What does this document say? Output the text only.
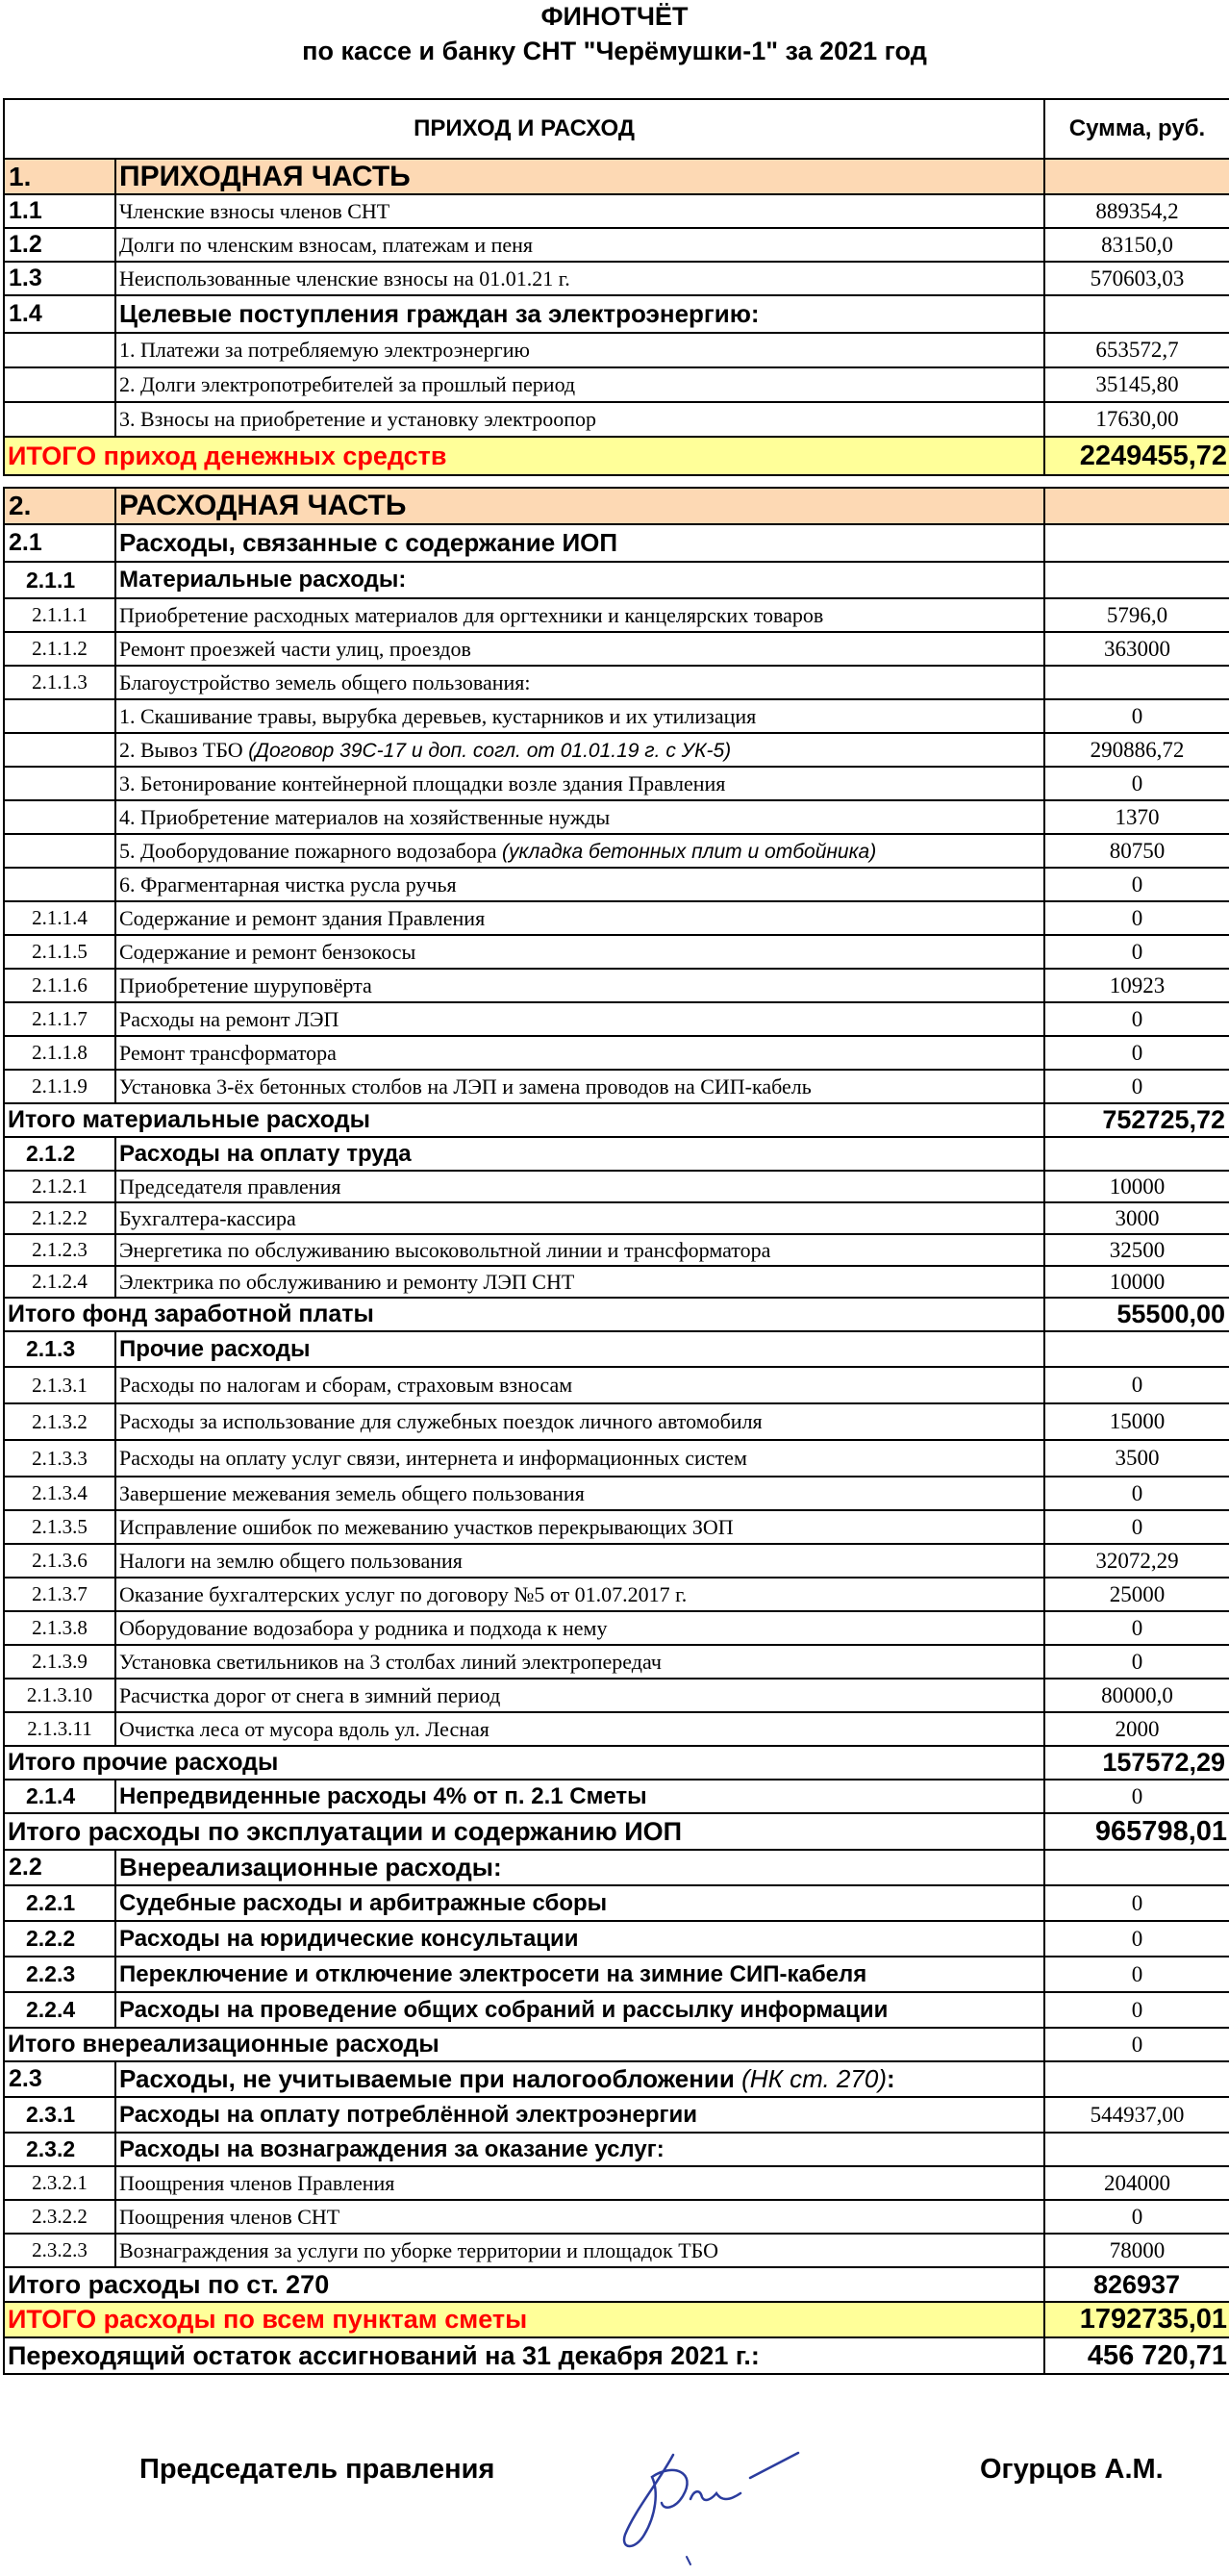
ФИНОТЧЁТ
по кассе и банку СНТ "Черёмушки-1" за 2021 год
ПРИХОД И РАСХОД		Сумма, руб.
1.	ПРИХОДНАЯ ЧАСТЬ	
1.1	Членские взносы членов СНТ	889354,2
1.2	Долги по членским взносам, платежам и пеня	83150,0
1.3	Неиспользованные членские взносы на 01.01.21 г.	570603,03
1.4	Целевые поступления граждан за электроэнергию:	
	1. Платежи за потребляемую электроэнергию	653572,7
	2. Долги электропотребителей за прошлый период	35145,80
	3. Взносы на приобретение и установку электроопор	17630,00
ИТОГО приход денежных средств		2249455,72

2.	РАСХОДНАЯ ЧАСТЬ	
2.1	Расходы, связанные с содержание ИОП	
2.1.1	Материальные расходы:	
2.1.1.1	Приобретение расходных материалов для оргтехники и канцелярских товаров	5796,0
2.1.1.2	Ремонт проезжей части улиц, проездов	363000
2.1.1.3	Благоустройство земель общего пользования:	
	1. Скашивание травы, вырубка деревьев, кустарников и их утилизация	0
	2. Вывоз ТБО (Договор 39С-17 и доп. согл. от 01.01.19 г. с УК-5)	290886,72
	3. Бетонирование контейнерной площадки возле здания Правления	0
	4. Приобретение материалов на хозяйственные нужды	1370
	5. Дооборудование пожарного водозабора (укладка бетонных плит и отбойника)	80750
	6. Фрагментарная чистка русла ручья	0
2.1.1.4	Содержание и ремонт здания Правления	0
2.1.1.5	Содержание и ремонт бензокосы	0
2.1.1.6	Приобретение шуруповёрта	10923
2.1.1.7	Расходы на ремонт ЛЭП	0
2.1.1.8	Ремонт трансформатора	0
2.1.1.9	Установка 3-ёх бетонных столбов на ЛЭП и замена проводов на СИП-кабель	0
Итого материальные расходы		752725,72
2.1.2	Расходы на оплату труда	
2.1.2.1	Председателя правления	10000
2.1.2.2	Бухгалтера-кассира	3000
2.1.2.3	Энергетика по обслуживанию высоковольтной линии и трансформатора	32500
2.1.2.4	Электрика по обслуживанию и ремонту ЛЭП СНТ	10000
Итого фонд заработной платы		55500,00
2.1.3	Прочие расходы	
2.1.3.1	Расходы по налогам и сборам, страховым взносам	0
2.1.3.2	Расходы за использование для служебных поездок личного автомобиля	15000
2.1.3.3	Расходы на оплату услуг связи, интернета и информационных систем	3500
2.1.3.4	Завершение межевания земель общего пользования	0
2.1.3.5	Исправление ошибок по межеванию участков перекрывающих ЗОП	0
2.1.3.6	Налоги на землю общего пользования	32072,29
2.1.3.7	Оказание бухгалтерских услуг по договору №5 от 01.07.2017 г.	25000
2.1.3.8	Оборудование водозабора у родника и подхода к нему	0
2.1.3.9	Установка светильников на 3 столбах линий электропередач	0
2.1.3.10	Расчистка дорог от снега в зимний период	80000,0
2.1.3.11	Очистка леса от мусора вдоль ул. Лесная	2000
Итого прочие расходы		157572,29
2.1.4	Непредвиденные расходы 4% от п. 2.1 Сметы	0
Итого расходы по эксплуатации и содержанию ИОП		965798,01
2.2	Внереализационные расходы:	
2.2.1	Судебные расходы и арбитражные сборы	0
2.2.2	Расходы на юридические консультации	0
2.2.3	Переключение и отключение электросети на зимние СИП-кабеля	0
2.2.4	Расходы на проведение общих собраний и рассылку информации	0
Итого внереализационные расходы		0
2.3	Расходы, не учитываемые при налогообложении (НК ст. 270):	
2.3.1	Расходы на оплату потреблённой электроэнергии	544937,00
2.3.2	Расходы на вознаграждения за оказание услуг:	
2.3.2.1	Поощрения членов Правления	204000
2.3.2.2	Поощрения членов СНТ	0
2.3.2.3	Вознаграждения за услуги по уборке территории и площадок ТБО	78000
Итого расходы по ст. 270		826937
ИТОГО расходы по всем пунктам сметы		1792735,01
Переходящий остаток ассигнований на 31 декабря 2021 г.:		456 720,71
Председатель правления	Огурцов А.М.
